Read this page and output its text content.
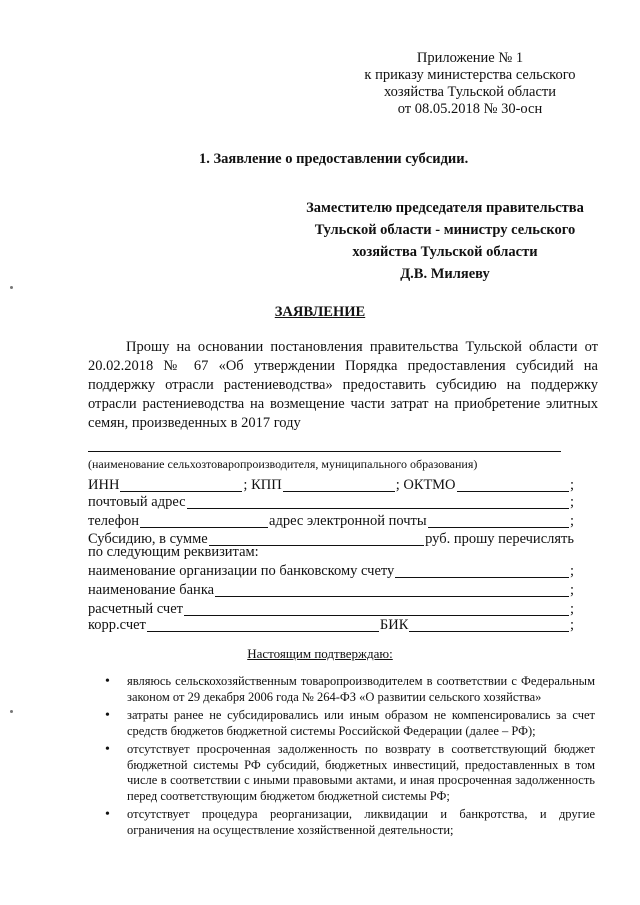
Приложение № 1
к приказу министерства сельского
хозяйства Тульской области
от 08.05.2018 № 30-осн
1. Заявление о предоставлении субсидии.
Заместителю председателя правительства
Тульской области - министру сельского
хозяйства Тульской области
Д.В. Миляеву
ЗАЯВЛЕНИЕ

Прошу на основании постановления правительства Тульской области от 20.02.2018 № 67 «Об утверждении Порядка предоставления субсидий на поддержку отрасли растениеводства» предоставить субсидию на поддержку отрасли растениеводства на возмещение части затрат на приобретение элитных семян, произведенных в 2017 году

(наименование сельхозтоваропроизводителя, муниципального образования)
ИНН	; КПП	; ОКТМО	;
почтовый адрес	;
телефон	адрес электронной почты	;
Субсидию, в сумме	руб. прошу перечислять
по следующим реквизитам:
наименование организации по банковскому счету	;
наименование банка	;
расчетный счет	;
корр.счет	БИК	;
Настоящим подтверждаю:
• являюсь сельскохозяйственным товаропроизводителем в соответствии с Федеральным законом от 29 декабря 2006 года № 264-ФЗ «О развитии сельского хозяйства»
• затраты ранее не субсидировались или иным образом не компенсировались за счет средств бюджетов бюджетной системы Российской Федерации (далее – РФ);
• отсутствует просроченная задолженность по возврату в соответствующий бюджет бюджетной системы РФ субсидий, бюджетных инвестиций, предоставленных в том числе в соответствии с иными правовыми актами, и иная просроченная задолженность перед соответствующим бюджетом бюджетной системы РФ;
• отсутствует процедура реорганизации, ликвидации и банкротства, и другие ограничения на осуществление хозяйственной деятельности;
